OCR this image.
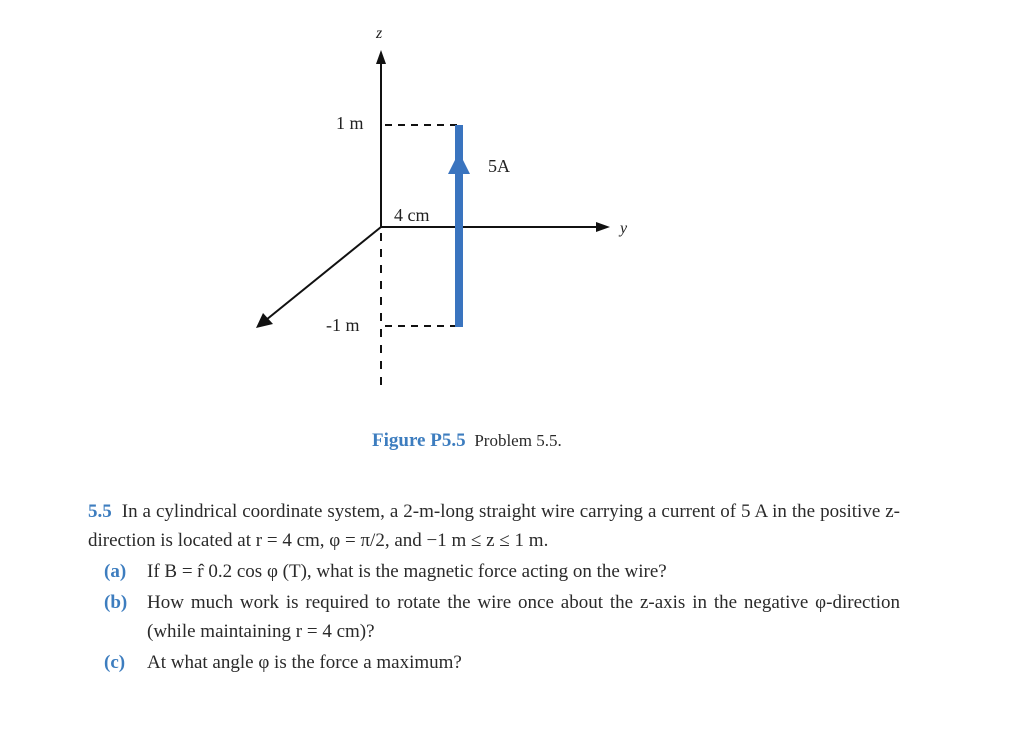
z
y
1 m
-1 m
4 cm
5A
Figure P5.5 Problem 5.5.

5.5 In a cylindrical coordinate system, a 2-m-long straight wire carrying a current of 5 A in the positive z-direction is located at r = 4 cm, φ = π/2, and −1 m ≤ z ≤ 1 m.

(a) If B = r̂ 0.2 cos φ (T), what is the magnetic force acting on the wire?

(b) How much work is required to rotate the wire once about the z-axis in the negative φ-direction (while maintaining r = 4 cm)?

(c) At what angle φ is the force a maximum?
